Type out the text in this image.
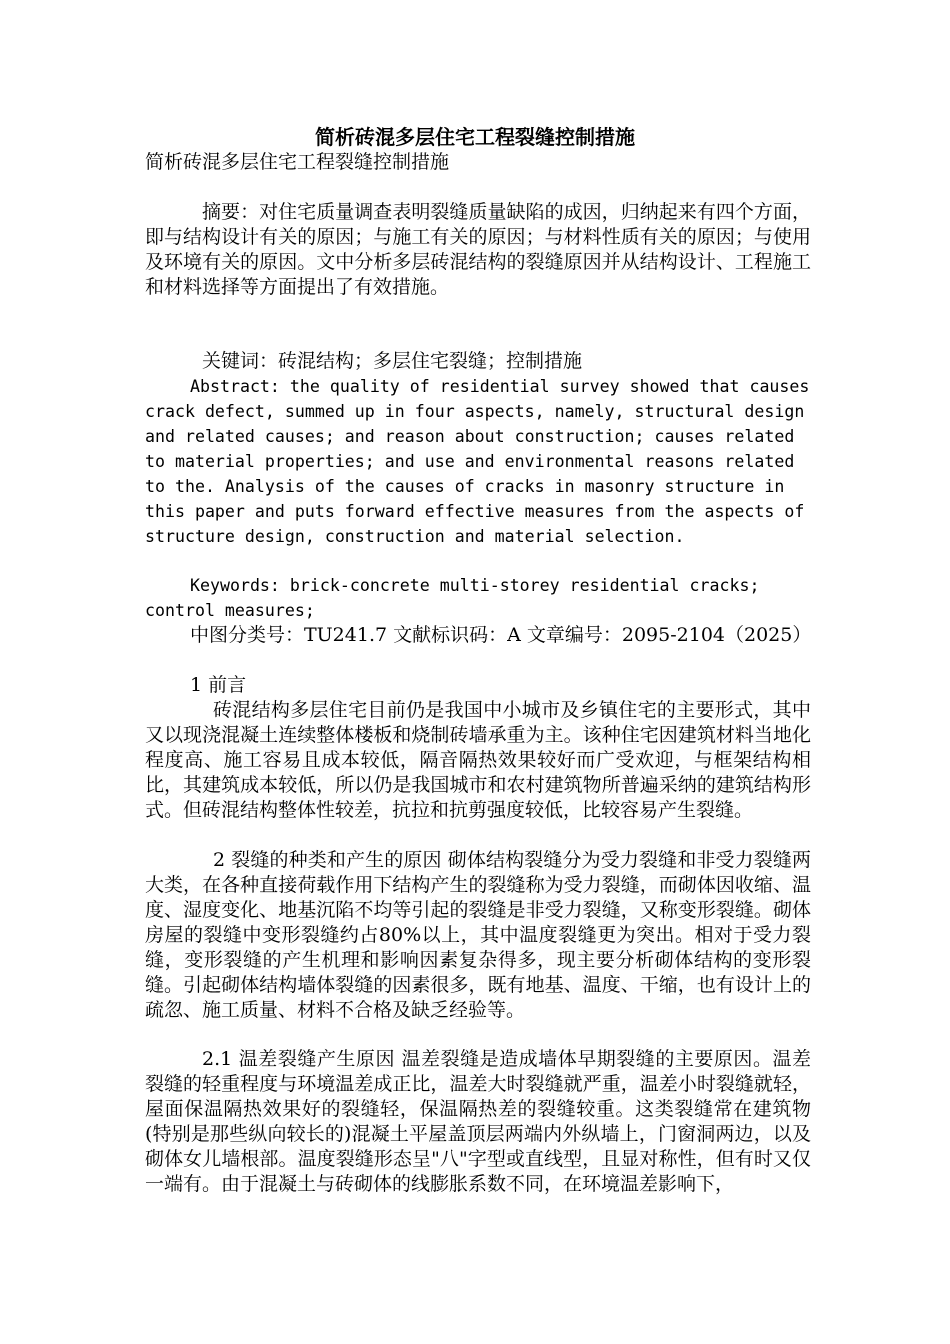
简析砖混多层住宅工程裂缝控制措施

简析砖混多层住宅工程裂缝控制措施

摘要：对住宅质量调查表明裂缝质量缺陷的成因，归纳起来有四个方面，即与结构设计有关的原因；与施工有关的原因；与材料性质有关的原因；与使用及环境有关的原因。文中分析多层砖混结构的裂缝原因并从结构设计、工程施工和材料选择等方面提出了有效措施。

关键词：砖混结构；多层住宅裂缝；控制措施

Abstract: the quality of residential survey showed that causes crack defect, summed up in four aspects, namely, structural design and related causes; and reason about construction; causes related to material properties; and use and environmental reasons related to the. Analysis of the causes of cracks in masonry structure in this paper and puts forward effective measures from the aspects of structure design, construction and material selection.

Keywords: brick-concrete multi-storey residential cracks; control measures;

中图分类号：TU241.7 文献标识码：A 文章编号：2095-2104（2025）

1 前言

砖混结构多层住宅目前仍是我国中小城市及乡镇住宅的主要形式，其中又以现浇混凝土连续整体楼板和烧制砖墙承重为主。该种住宅因建筑材料当地化程度高、施工容易且成本较低，隔音隔热效果较好而广受欢迎，与框架结构相比，其建筑成本较低，所以仍是我国城市和农村建筑物所普遍采纳的建筑结构形式。但砖混结构整体性较差，抗拉和抗剪强度较低，比较容易产生裂缝。

2 裂缝的种类和产生的原因 砌体结构裂缝分为受力裂缝和非受力裂缝两大类，在各种直接荷载作用下结构产生的裂缝称为受力裂缝，而砌体因收缩、温度、湿度变化、地基沉陷不均等引起的裂缝是非受力裂缝，又称变形裂缝。砌体房屋的裂缝中变形裂缝约占80%以上，其中温度裂缝更为突出。相对于受力裂缝，变形裂缝的产生机理和影响因素复杂得多，现主要分析砌体结构的变形裂缝。引起砌体结构墙体裂缝的因素很多，既有地基、温度、干缩，也有设计上的疏忽、施工质量、材料不合格及缺乏经验等。

2.1 温差裂缝产生原因 温差裂缝是造成墙体早期裂缝的主要原因。温差裂缝的轻重程度与环境温差成正比，温差大时裂缝就严重，温差小时裂缝就轻，屋面保温隔热效果好的裂缝轻，保温隔热差的裂缝较重。这类裂缝常在建筑物(特别是那些纵向较长的)混凝土平屋盖顶层两端内外纵墙上，门窗洞两边，以及砌体女儿墙根部。温度裂缝形态呈"八"字型或直线型，且显对称性，但有时又仅一端有。由于混凝土与砖砌体的线膨胀系数不同，在环境温差影响下，
